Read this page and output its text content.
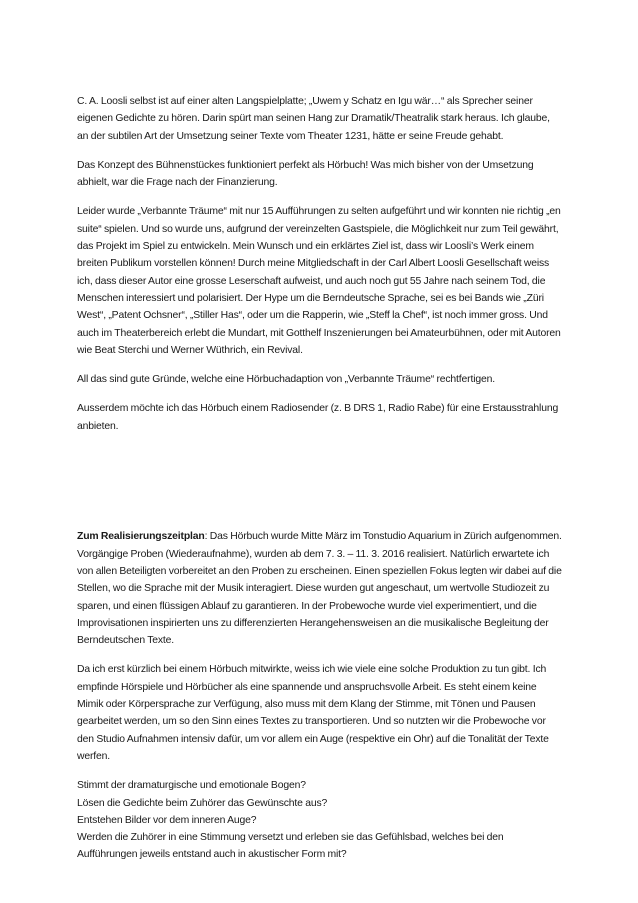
C. A. Loosli selbst ist auf einer alten Langspielplatte; „Uwem y Schatz en Igu wär…“ als Sprecher seiner eigenen Gedichte zu hören. Darin spürt man seinen Hang zur Dramatik/Theatralik stark heraus. Ich glaube, an der subtilen Art der Umsetzung seiner Texte vom Theater 1231, hätte er seine Freude gehabt.

Das Konzept des Bühnenstückes funktioniert perfekt als Hörbuch! Was mich bisher von der Umsetzung abhielt, war die Frage nach der Finanzierung.

Leider wurde „Verbannte Träume“ mit nur 15 Aufführungen zu selten aufgeführt und wir konnten nie richtig „en suite“ spielen. Und so wurde uns, aufgrund der vereinzelten Gastspiele, die Möglichkeit nur zum Teil gewährt, das Projekt im Spiel zu entwickeln. Mein Wunsch und ein erklärtes Ziel ist, dass wir Loosli’s Werk einem breiten Publikum vorstellen können! Durch meine Mitgliedschaft in der Carl Albert Loosli Gesellschaft weiss ich, dass dieser Autor eine grosse Leserschaft aufweist, und auch noch gut 55 Jahre nach seinem Tod, die Menschen interessiert und polarisiert. Der Hype um die Berndeutsche Sprache, sei es bei Bands wie „Züri West“, „Patent Ochsner“, „Stiller Has“, oder um die Rapperin, wie „Steff la Chef“, ist noch immer gross. Und auch im Theaterbereich erlebt die Mundart, mit Gotthelf Inszenierungen bei Amateurbühnen, oder mit Autoren wie Beat Sterchi und Werner Wüthrich, ein Revival.

All das sind gute Gründe, welche eine Hörbuchadaption von „Verbannte Träume“ rechtfertigen.

Ausserdem möchte ich das Hörbuch einem Radiosender (z. B DRS 1, Radio Rabe) für eine Erstausstrahlung anbieten.

Zum Realisierungszeitplan: Das Hörbuch wurde Mitte März im Tonstudio Aquarium in Zürich aufgenommen. Vorgängige Proben (Wiederaufnahme), wurden ab dem 7. 3. – 11. 3. 2016 realisiert. Natürlich erwartete ich von allen Beteiligten vorbereitet an den Proben zu erscheinen. Einen speziellen Fokus legten wir dabei auf die Stellen, wo die Sprache mit der Musik interagiert. Diese wurden gut angeschaut, um wertvolle Studiozeit zu sparen, und einen flüssigen Ablauf zu garantieren. In der Probewoche wurde viel experimentiert, und die Improvisationen inspirierten uns zu differenzierten Herangehensweisen an die musikalische Begleitung der Berndeutschen Texte.

Da ich erst kürzlich bei einem Hörbuch mitwirkte, weiss ich wie viele eine solche Produktion zu tun gibt. Ich empfinde Hörspiele und Hörbücher als eine spannende und anspruchsvolle Arbeit. Es steht einem keine Mimik oder Körpersprache zur Verfügung, also muss mit dem Klang der Stimme, mit Tönen und Pausen gearbeitet werden, um so den Sinn eines Textes zu transportieren. Und so nutzten wir die Probewoche vor den Studio Aufnahmen intensiv dafür, um vor allem ein Auge (respektive ein Ohr) auf die Tonalität der Texte werfen.

Stimmt der dramaturgische und emotionale Bogen?
Lösen die Gedichte beim Zuhörer das Gewünschte aus?
Entstehen Bilder vor dem inneren Auge?
Werden die Zuhörer in eine Stimmung versetzt und erleben sie das Gefühlsbad, welches bei den Aufführungen jeweils entstand auch in akustischer Form mit?
